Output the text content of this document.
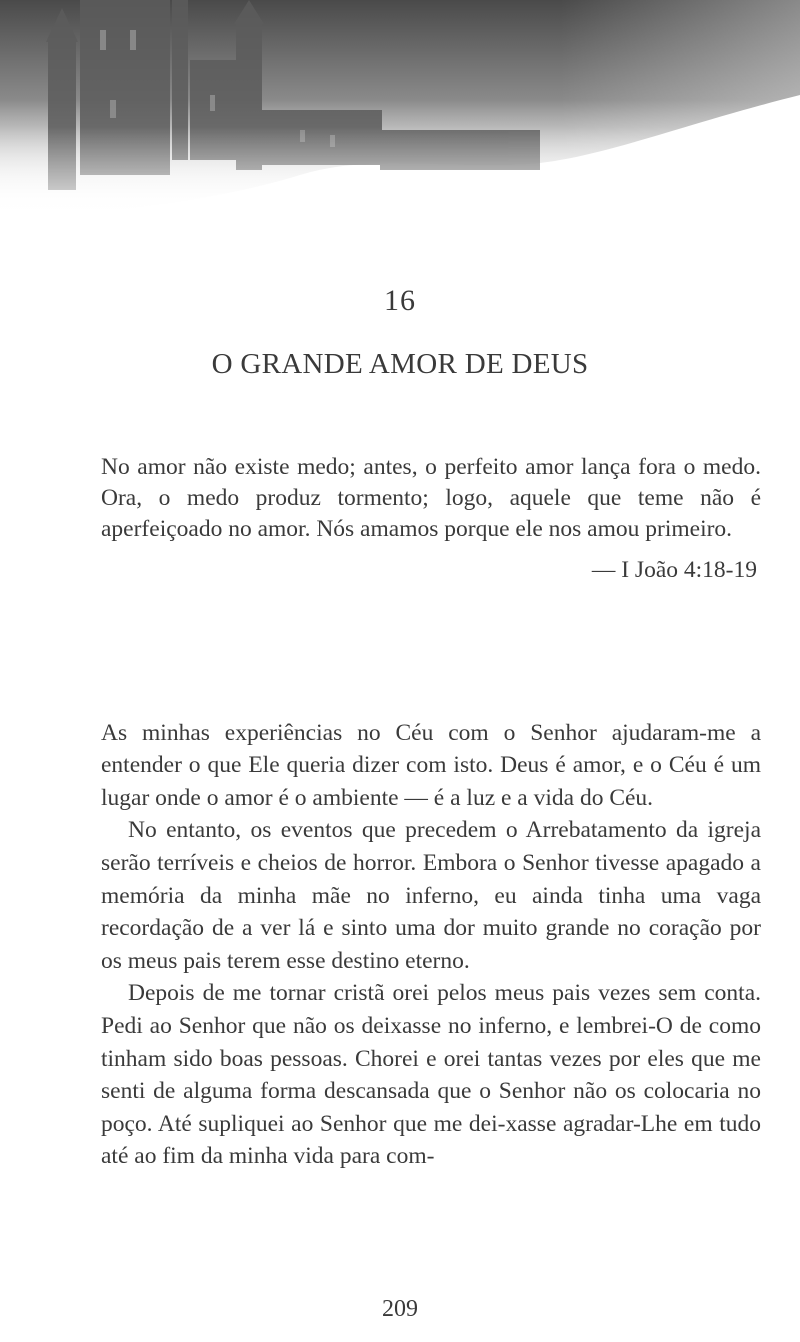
16
O GRANDE AMOR DE DEUS

No amor não existe medo; antes, o perfeito amor lança fora o medo. Ora, o medo produz tormento; logo, aquele que teme não é aperfeiçoado no amor. Nós amamos porque ele nos amou primeiro.

— I João 4:18-19

As minhas experiências no Céu com o Senhor ajudaram-me a entender o que Ele queria dizer com isto. Deus é amor, e o Céu é um lugar onde o amor é o ambiente — é a luz e a vida do Céu.

No entanto, os eventos que precedem o Arrebatamento da igreja serão terríveis e cheios de horror. Embora o Senhor tivesse apagado a memória da minha mãe no inferno, eu ainda tinha uma vaga recordação de a ver lá e sinto uma dor muito grande no coração por os meus pais terem esse destino eterno.

Depois de me tornar cristã orei pelos meus pais vezes sem conta. Pedi ao Senhor que não os deixasse no inferno, e lembrei-O de como tinham sido boas pessoas. Chorei e orei tantas vezes por eles que me senti de alguma forma descansada que o Senhor não os colocaria no poço. Até supliquei ao Senhor que me dei-xasse agradar-Lhe em tudo até ao fim da minha vida para com-

209
